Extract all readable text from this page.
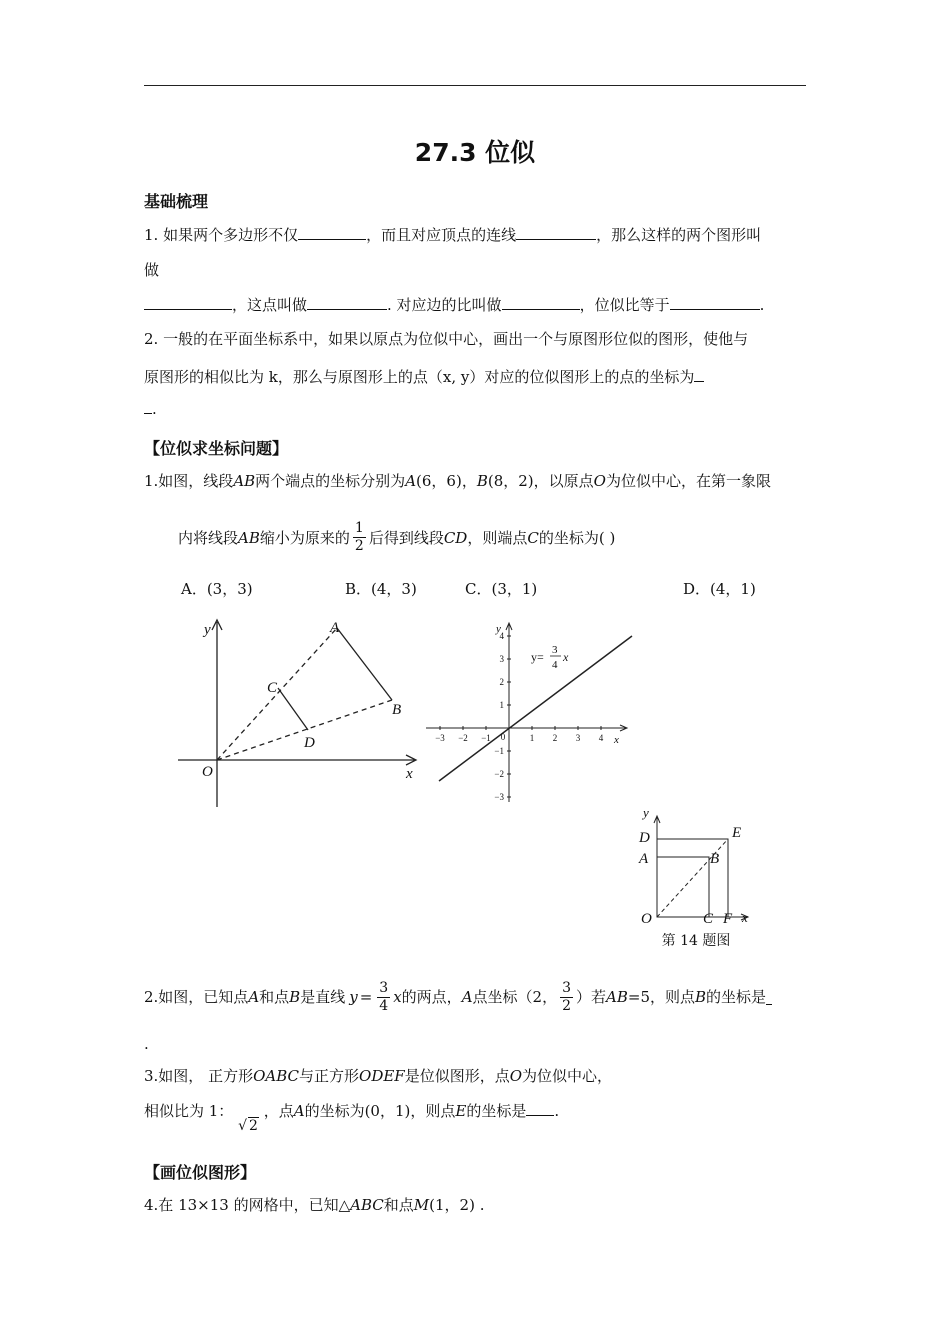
27.3 位似
基础梳理
1. 如果两个多边形不仅	，而且对应顶点的连线	，那么这样的两个图形叫
做
，这点叫做	. 对应边的比叫做	，位似比等于	.
2. 一般的在平面坐标系中，如果以原点为位似中心，画出一个与原图形位似的图形，使他与
原图形的相似比为 k，那么与原图形上的点（x, y）对应的位似图形上的点的坐标为
.
【位似求坐标问题】
1.如图，线段AB两个端点的坐标分别为A(6，6)，B(8，2)，以原点O为位似中心，在第一象限
内将线段 AB 缩小为原来的 $\frac{1}{2}$ 后得到线段 CD ，则端点 C 的坐标为( )
A．(3，3)	B．(4，3)	C．(3，1)	D．(4，1)
y
x
O
A
B
C
D	−3 −2 −1	1 2 3 4
0
4
3
2
1
−1
−2
−3
y
x
y= 3
4
x
y
D	E
A	B
O	C F x
第 14 题图
2.如图，已知点 A 和点 B 是直线 $y = \frac{3}{4}$ x 的两点， A 点坐标（2， $\frac{3}{2}$ ）若 AB =5，则点 B 的坐标是
.
3.如图， 正方形OABC与正方形ODEF是位似图形，点O为位似中心，
相似比为 1： √ 2 ，点A的坐标为(0，1)，则点E的坐标是 .
【画位似图形】
4.在 13×13 的网格中，已知△ABC和点M(1，2) .
